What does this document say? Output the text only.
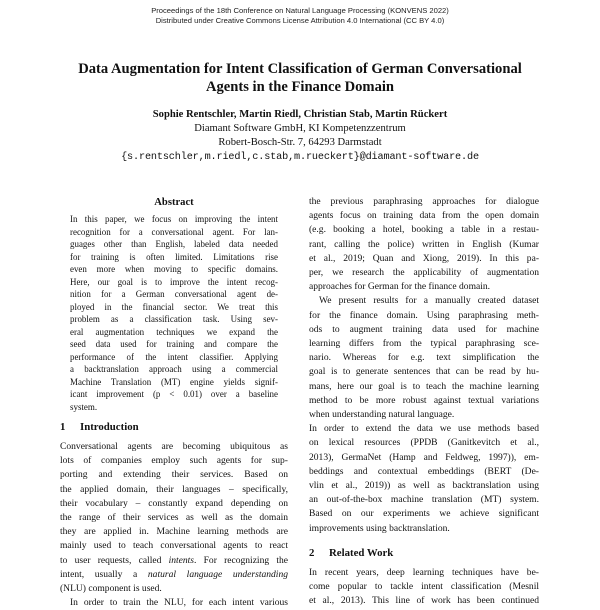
Proceedings of the 18th Conference on Natural Language Processing (KONVENS 2022)
Distributed under Creative Commons License Attribution 4.0 International (CC BY 4.0)
Data Augmentation for Intent Classification of German Conversational
Agents in the Finance Domain
Sophie Rentschler, Martin Riedl, Christian Stab, Martin Rückert
Diamant Software GmbH, KI Kompetenzzentrum
Robert-Bosch-Str. 7, 64293 Darmstadt
{s.rentschler,m.riedl,c.stab,m.rueckert}@diamant-software.de
Abstract
In this paper, we focus on improving the intent
recognition for a conversational agent. For lan-
guages other than English, labeled data needed
for training is often limited. Limitations rise
even more when moving to specific domains.
Here, our goal is to improve the intent recog-
nition for a German conversational agent de-
ployed in the financial sector. We treat this
problem as a classification task. Using sev-
eral augmentation techniques we expand the
seed data used for training and compare the
performance of the intent classifier. Applying
a backtranslation approach using a commercial
Machine Translation (MT) engine yields signif-
icant improvement (p < 0.01) over a baseline
system.
1 Introduction

Conversational agents are becoming ubiquitous as
lots of companies employ such agents for sup-
porting and extending their services. Based on
the applied domain, their languages – specifically,
their vocabulary – constantly expand depending on
the range of their services as well as the domain
they are applied in. Machine learning methods are
mainly used to teach conversational agents to react
to user requests, called intents. For recognizing the
intent, usually a natural language understanding
(NLU) component is used.

In order to train the NLU, for each intent various

the previous paraphrasing approaches for dialogue
agents focus on training data from the open domain
(e.g. booking a hotel, booking a table in a restau-
rant, calling the police) written in English (Kumar
et al., 2019; Quan and Xiong, 2019). In this pa-
per, we research the applicability of augmentation
approaches for German for the finance domain.

We present results for a manually created dataset
for the finance domain. Using paraphrasing meth-
ods to augment training data used for machine
learning differs from the typical paraphrasing sce-
nario. Whereas for e.g. text simplification the
goal is to generate sentences that can be read by hu-
mans, here our goal is to teach the machine learning
method to be more robust against textual variations
when understanding natural language.

In order to extend the data we use methods based
on lexical resources (PPDB (Ganitkevitch et al.,
2013), GermaNet (Hamp and Feldweg, 1997)), em-
beddings and contextual embeddings (BERT (De-
vlin et al., 2019)) as well as backtranslation using
an out-of-the-box machine translation (MT) system.
Based on our experiments we achieve significant
improvements using backtranslation.

2 Related Work

In recent years, deep learning techniques have be-
come popular to tackle intent classification (Mesnil
et al., 2013). This line of work has been continued
